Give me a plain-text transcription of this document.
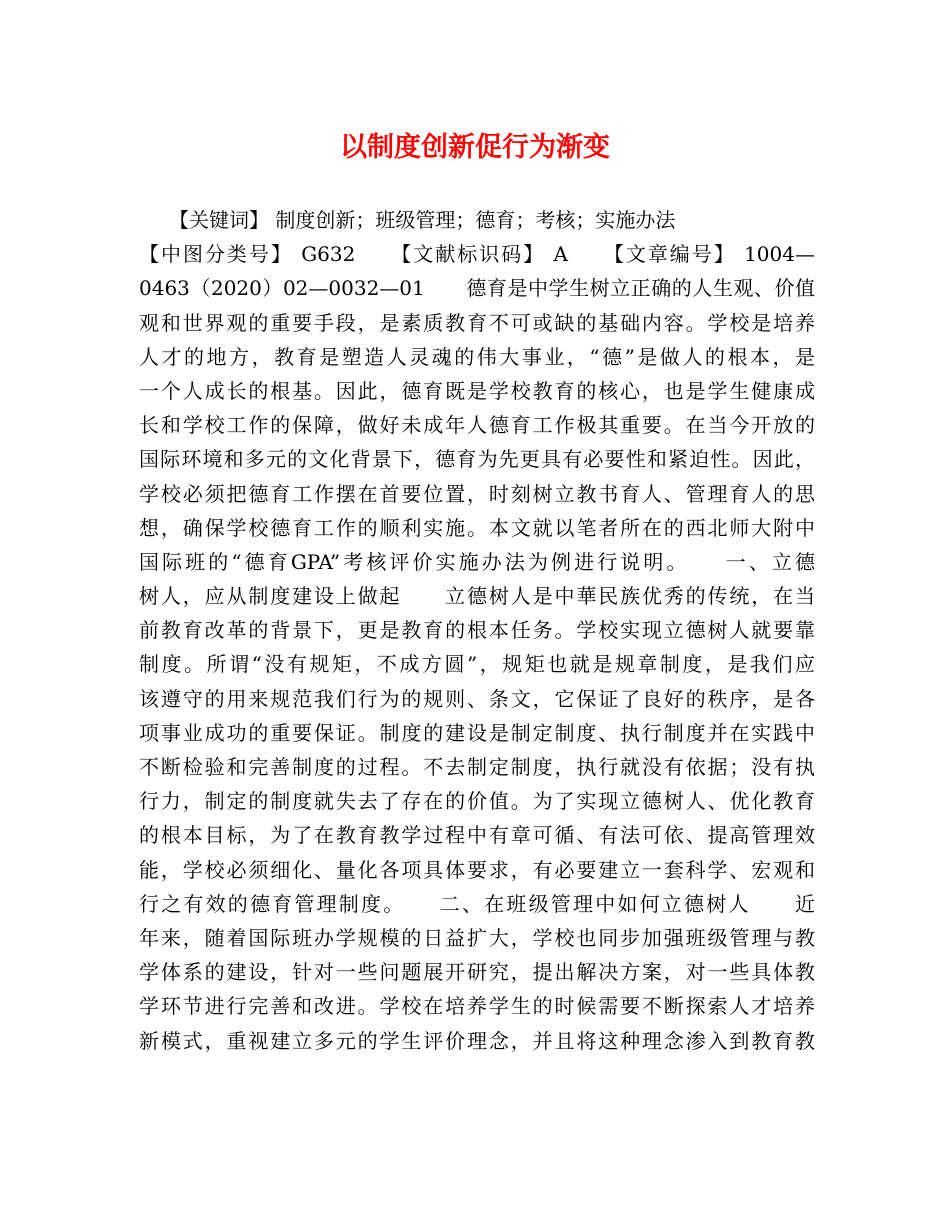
以制度创新促行为渐变
　　【关键词】 制度创新；班级管理；德育；考核；实施办法
【中图分类号】 G632　　【文献标识码】 A　　【文章编号】 1004—
0463（2020）02—0032—01　　德育是中学生树立正确的人生观、价值
观和世界观的重要手段，是素质教育不可或缺的基础内容。学校是培养
人才的地方，教育是塑造人灵魂的伟大事业，“德”是做人的根本，是
一个人成长的根基。因此，德育既是学校教育的核心，也是学生健康成
长和学校工作的保障，做好未成年人德育工作极其重要。在当今开放的
国际环境和多元的文化背景下，德育为先更具有必要性和紧迫性。因此，
学校必须把德育工作摆在首要位置，时刻树立教书育人、管理育人的思
想，确保学校德育工作的顺利实施。本文就以笔者所在的西北师大附中
国际班的“德育GPA”考核评价实施办法为例进行说明。　　一、立德
树人，应从制度建设上做起　　立德树人是中華民族优秀的传统，在当
前教育改革的背景下，更是教育的根本任务。学校实现立德树人就要靠
制度。所谓“没有规矩，不成方圆”，规矩也就是规章制度，是我们应
该遵守的用来规范我们行为的规则、条文，它保证了良好的秩序，是各
项事业成功的重要保证。制度的建设是制定制度、执行制度并在实践中
不断检验和完善制度的过程。不去制定制度，执行就没有依据；没有执
行力，制定的制度就失去了存在的价值。为了实现立德树人、优化教育
的根本目标，为了在教育教学过程中有章可循、有法可依、提高管理效
能，学校必须细化、量化各项具体要求，有必要建立一套科学、宏观和
行之有效的德育管理制度。　　二、在班级管理中如何立德树人　　近
年来，随着国际班办学规模的日益扩大，学校也同步加强班级管理与教
学体系的建设，针对一些问题展开研究，提出解决方案，对一些具体教
学环节进行完善和改进。学校在培养学生的时候需要不断探索人才培养
新模式，重视建立多元的学生评价理念，并且将这种理念渗入到教育教
